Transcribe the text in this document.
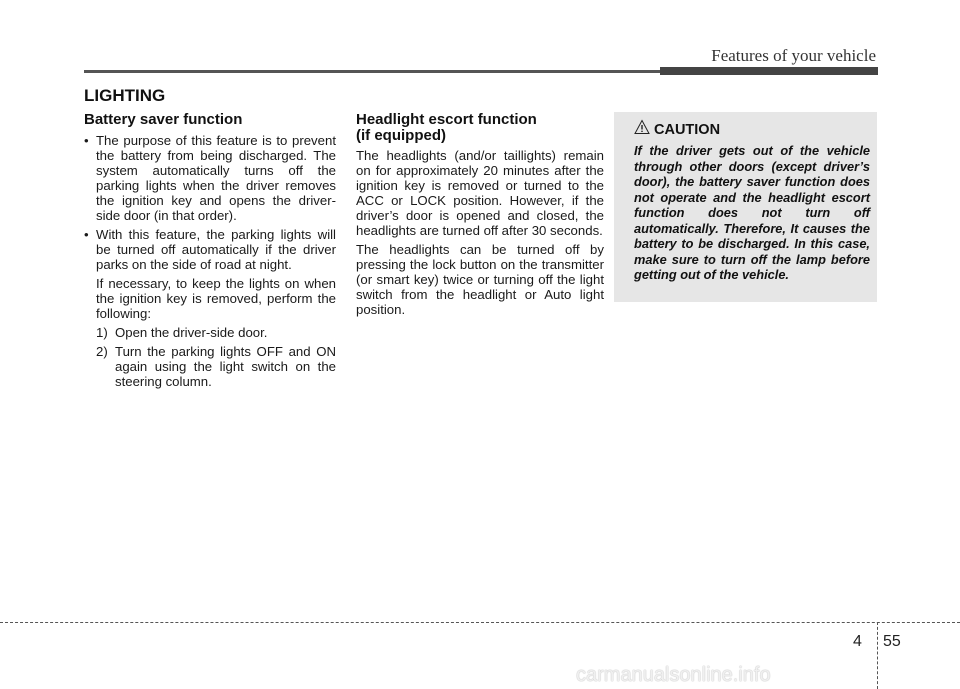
Features of your vehicle
LIGHTING
Battery saver function

• The purpose of this feature is to prevent the battery from being discharged. The system automatically turns off the parking lights when the driver removes the ignition key and opens the driver-side door (in that order).

• With this feature, the parking lights will be turned off automatically if the driver parks on the side of road at night.

If necessary, to keep the lights on when the ignition key is removed, perform the following:

1) Open the driver-side door.

2) Turn the parking lights OFF and ON again using the light switch on the steering column.

Headlight escort function
(if equipped)

The headlights (and/or taillights) remain on for approximately 20 minutes after the ignition key is removed or turned to the ACC or LOCK position. However, if the driver’s door is opened and closed, the headlights are turned off after 30 seconds.

The headlights can be turned off by pressing the lock button on the transmitter (or smart key) twice or turning off the light switch from the headlight or Auto light position.

CAUTION

If the driver gets out of the vehicle through other doors (except driver’s door), the battery saver function does not operate and the headlight escort function does not turn off automatically. Therefore, It causes the battery to be discharged. In this case, make sure to turn off the lamp before getting out of the vehicle.

4 55
carmanualsonline.info
